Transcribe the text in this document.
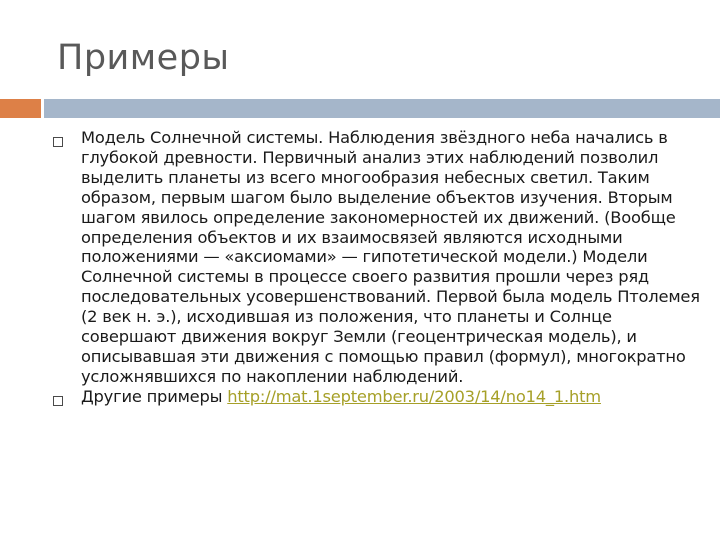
Примеры
Модель Солнечной системы. Наблюдения звёздного неба начались в глубокой древности. Первичный анализ этих наблюдений позволил выделить планеты из всего многообразия небесных светил. Таким образом, первым шагом было выделение объектов изучения. Вторым шагом явилось определение закономерностей их движений. (Вообще определения объектов и их взаимосвязей являются исходными положениями — «аксиомами» — гипотетической модели.) Модели Солнечной системы в процессе своего развития прошли через ряд последовательных усовершенствований. Первой была модель Птолемея (2 век н. э.), исходившая из положения, что планеты и Солнце совершают движения вокруг Земли (геоцентрическая модель), и описывавшая эти движения с помощью правил (формул), многократно усложнявшихся по накоплении наблюдений.
Другие примеры http://mat.1september.ru/2003/14/no14_1.htm
